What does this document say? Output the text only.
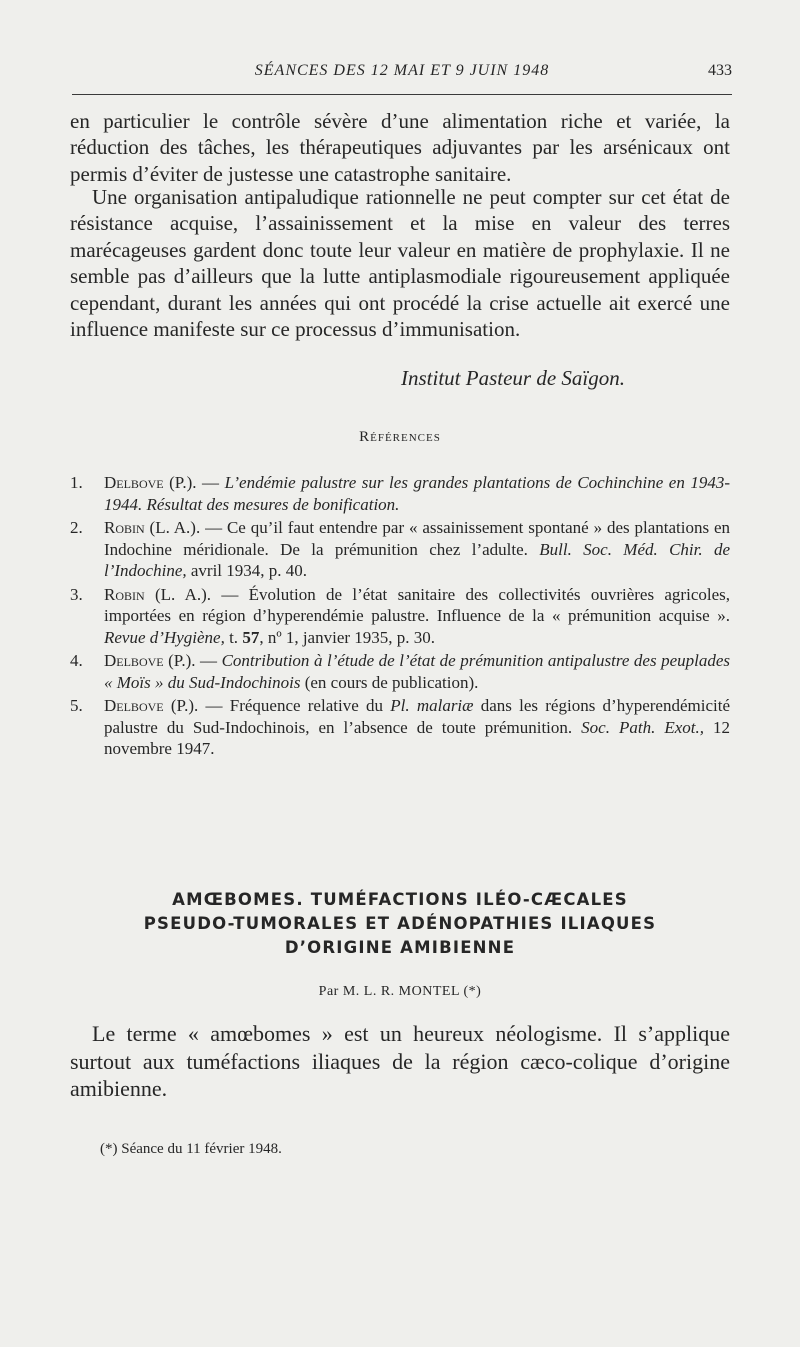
SÉANCES DES 12 MAI ET 9 JUIN 1948	433

en particulier le contrôle sévère d’une alimentation riche et variée, la réduction des tâches, les thérapeutiques adjuvantes par les arsénicaux ont permis d’éviter de justesse une catastrophe sanitaire.

Une organisation antipaludique rationnelle ne peut compter sur cet état de résistance acquise, l’assainissement et la mise en valeur des terres marécageuses gardent donc toute leur valeur en matière de prophylaxie. Il ne semble pas d’ailleurs que la lutte antiplasmodiale rigoureusement appliquée cependant, durant les années qui ont procédé la crise actuelle ait exercé une influence manifeste sur ce processus d’immunisation.

Institut Pasteur de Saïgon.
Références
1.	Delbove (P.). — L’endémie palustre sur les grandes plantations de Cochinchine en 1943-1944. Résultat des mesures de bonification.
2.	Robin (L. A.). — Ce qu’il faut entendre par « assainissement spontané » des plantations en Indochine méridionale. De la prémunition chez l’adulte. Bull. Soc. Méd. Chir. de l’Indochine, avril 1934, p. 40.
3.	Robin (L. A.). — Évolution de l’état sanitaire des collectivités ouvrières agricoles, importées en région d’hyperendémie palustre. Influence de la « prémunition acquise ». Revue d’Hygiène, t. 57, nº 1, janvier 1935, p. 30.
4.	Delbove (P.). — Contribution à l’étude de l’état de prémunition antipalustre des peuplades « Moïs » du Sud-Indochinois (en cours de publication).
5.	Delbove (P.). — Fréquence relative du Pl. malariæ dans les régions d’hyperendémicité palustre du Sud-Indochinois, en l’absence de toute prémunition. Soc. Path. Exot., 12 novembre 1947.
AMŒBOMES. TUMÉFACTIONS ILÉO-CÆCALES
PSEUDO-TUMORALES ET ADÉNOPATHIES ILIAQUES
D’ORIGINE AMIBIENNE
Par M. L. R. MONTEL (*)

Le terme « amœbomes » est un heureux néologisme. Il s’applique surtout aux tuméfactions iliaques de la région cæco-colique d’origine amibienne.

(*) Séance du 11 février 1948.
